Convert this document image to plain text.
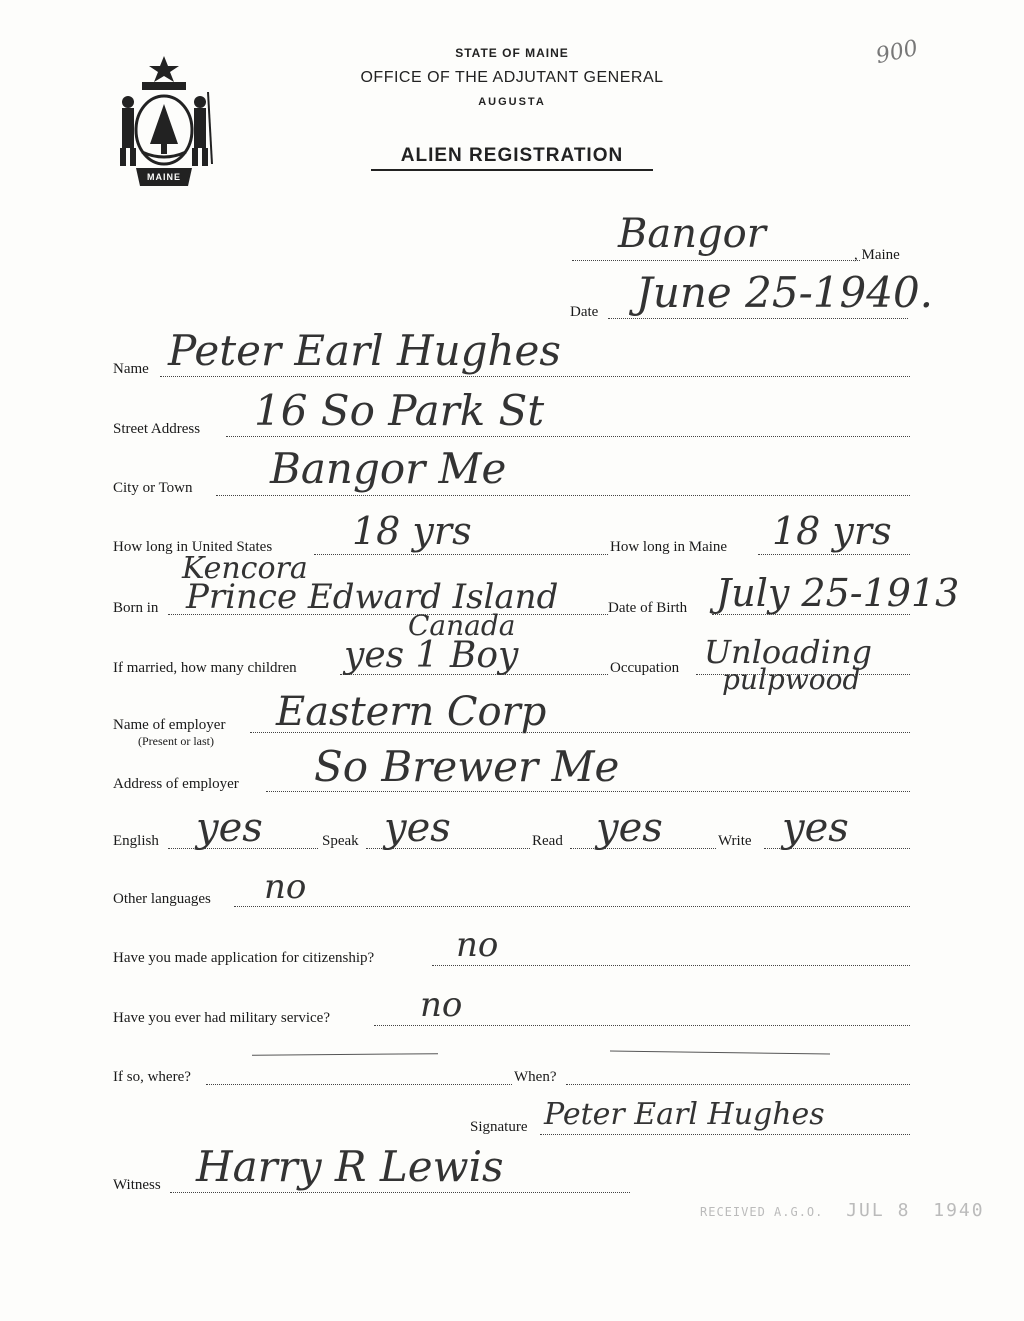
STATE OF MAINE
OFFICE OF THE ADJUTANT GENERAL
AUGUSTA
ALIEN REGISTRATION
MAINE
900
Bangor	, Maine
Date June 25-1940.
Name Peter Earl Hughes
Street Address 16 So Park St
City or Town Bangor Me
How long in United States 18 yrs	How long in Maine 18 yrs
Kencora
Born in Prince Edward Island
Canada
Date of Birth July 25-1913
If married, how many children yes 1 Boy	Occupation Unloading
pulpwood
Name of employer
(Present or last)
Eastern Corp
Address of employer So Brewer Me
English yes	Speak yes	Read yes	Write yes
Other languages no
Have you made application for citizenship? no
Have you ever had military service?	no
If so, where?	When?
Signature Peter Earl Hughes
Witness Harry R Lewis
RECEIVED A.G.O. JUL 8 1940
